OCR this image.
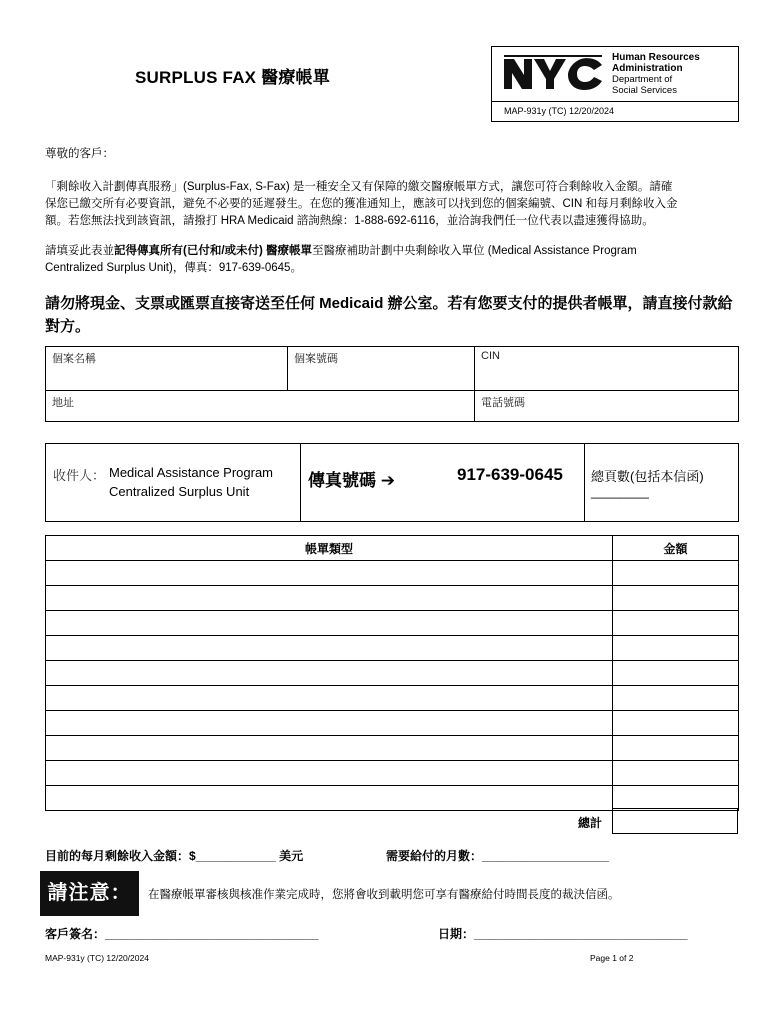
SURPLUS FAX 醫療帳單
Human Resources
Administration
Department of
Social Services
MAP-931y (TC) 12/20/2024
尊敬的客戶：
「剩餘收入計劃傳真服務」(Surplus-Fax, S-Fax) 是一種安全又有保障的繳交醫療帳單方式，讓您可符合剩餘收入金額。請確
保您已繳交所有必要資訊，避免不必要的延遲發生。在您的獲准通知上，應該可以找到您的個案編號、CIN 和每月剩餘收入金
額。若您無法找到該資訊，請撥打 HRA Medicaid 諮詢熱線：1-888-692-6116，並洽詢我們任一位代表以盡速獲得協助。
請填妥此表並記得傳真所有(已付和/或未付) 醫療帳單至醫療補助計劃中央剩餘收入單位 (Medical Assistance Program
Centralized Surplus Unit)，傳真：917-639-0645。
請勿將現金、支票或匯票直接寄送至任何 Medicaid 辦公室。若有您要支付的提供者帳單，請直接付款給
對方。
個案名稱	個案號碼	CIN
地址	電話號碼
收件人： Medical Assistance Program
Centralized Surplus Unit
傳真號碼 ➔	917-639-0645 總頁數(包括本信函)
________
帳單類型	金額

總計
目前的每月剩餘收入金額：$____________ 美元	需要給付的月數：___________________
請注意：	在醫療帳單審核與核准作業完成時，您將會收到載明您可享有醫療給付時間長度的裁決信函。
客戶簽名：________________________________	日期：________________________________
MAP-931y (TC) 12/20/2024	Page 1 of 2
